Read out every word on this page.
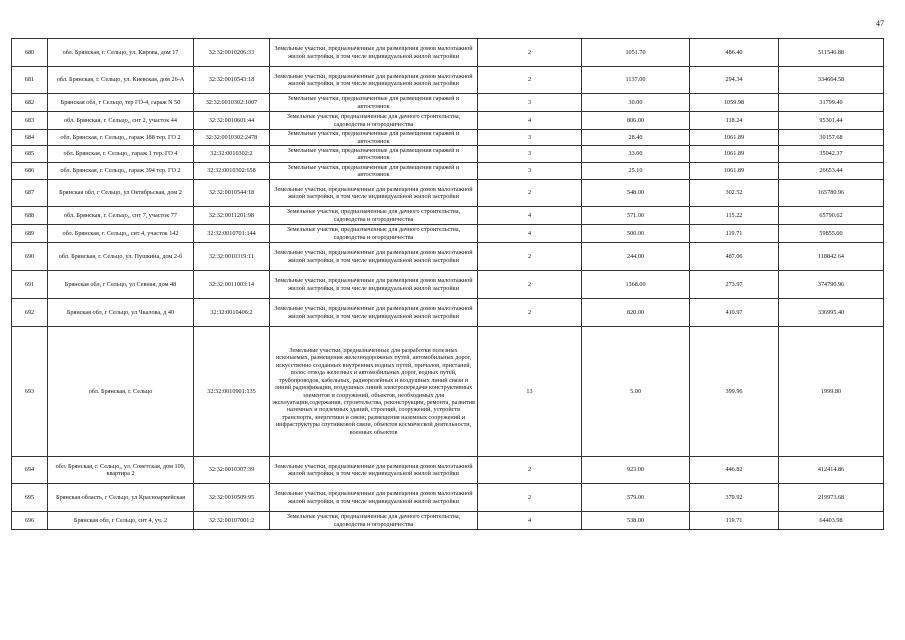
47
680	обл. Брянская, г. Сельцо, ул. Кирова, дом 17	32:32:0010206:33	Земельные участки, предназначенные для размещения домов малоэтажной жилой застройки, в том числе индивидуальной жилой застройки	2	1051.70	486.40	511546.88
681	обл. Брянская, г. Сельцо, ул. Киевская, дом 26-А	32:32:0010543:18	Земельные участки, предназначенные для размещения домов малоэтажной жилой застройки, в том числе индивидуальной жилой застройки	2	1137.00	294.34	334664.58
682	Брянская обл, г Сельцо, тер ГО-4, гараж N 50	32:32:0010302:1007	Земельные участки, предназначенные для размещения гаражей и автостоянок	3	30.00	1059.98	31799.40
683	обл. Брянская, г. Сельцо,, снт 2, участок 44	32:32:0010601:44	Земельные участки, предназначенные для дачного строительства, садоводства и огородничества	4	806.00	118.24	95301.44
684	обл. Брянская, г. Сельцо,, гараж 188 тер. ГО 2	32:32:0010302:2478	Земельные участки, предназначенные для размещения гаражей и автостоянок	3	28.40	1061.89	30157.68
685	обл. Брянская, г. Сельцо,, гараж 1 тер. ГО 4	32:32:0010302:2	Земельные участки, предназначенные для размещения гаражей и автостоянок	3	33.00	1061.89	35042.37
686	обл. Брянская, г. Сельцо,, гараж 394 тер. ГО 2	32:32:0010302:658	Земельные участки, предназначенные для размещения гаражей и автостоянок	3	25.10	1061.89	26653.44
687	Брянская обл, г Сельцо, ул Октябрьская, дом 2	32:32:0010544:18	Земельные участки, предназначенные для размещения домов малоэтажной жилой застройки, в том числе индивидуальной жилой застройки	2	548.00	302.52	165780.96
688	обл. Брянская, г. Сельцо,, снт 7, участок 77	32:32:0011201:98	Земельные участки, предназначенные для дачного строительства, садоводства и огородничества	4	571.00	115.22	65790.62
689	обл. Брянская, г. Сельцо,, снт 4, участок 142	32:32:0010701:144	Земельные участки, предназначенные для дачного строительства, садоводства и огородничества	4	500.00	119.71	59855.00
690	обл. Брянская, г. Сельцо, ул. Пушкина, дом 2-б	32:32:0010319:11	Земельные участки, предназначенные для размещения домов малоэтажной жилой застройки, в том числе индивидуальной жилой застройки	2	244.00	487.06	118842.64
691	Брянская обл, г Сельцо, ул Севная, дом 48	32:32:0011003:14	Земельные участки, предназначенные для размещения домов малоэтажной жилой застройки, в том числе индивидуальной жилой застройки	2	1368.00	273.97	374790.96
692	Брянская обл, г Сельцо, ул Чкалова, д 40	32:32:0010406:2	Земельные участки, предназначенные для размещения домов малоэтажной жилой застройки, в том числе индивидуальной жилой застройки	2	820.00	410.97	336995.40
693	обл. Брянская, г. Сельцо	32:32:0010901:135	Земельные участки, предназначенные для разработки полезных ископаемых, размещения железнодорожных путей, автомобильных дорог, искусственно созданных внутренних водных путей, причалов, пристаней, полос отвода железных и автомобильных дорог, водных путей, трубопроводов, кабельных, радиорелейных и воздушных линий связи и линий радиофикации, воздушных линий электропередачи конструктивных элементов и сооружений, объектов, необходимых для эксплуатации,содержания, строительства, реконструкции, ремонта, развития наземных и подземных зданий, строений, сооружений, устройств транспорта, энергетики и связи; размещения наземных сооружений и инфраструктуры спутниковой связи, объектов космической деятельности, военных объектов	13	5.00	399.96	1999.80
694	обл. Брянская, г. Сельцо,, ул. Советская, дом 109, квартира 2	32:32:0010307:39	Земельные участки, предназначенные для размещения домов малоэтажной жилой застройки, в том числе индивидуальной жилой застройки	2	923.00	446.82	412414.86
695	Брянская область, г Сельцо, ул Красноармейская	32:32:0010509:95	Земельные участки, предназначенные для размещения домов малоэтажной жилой застройки, в том числе индивидуальной жилой застройки	2	579.00	379.92	219973.68
696	Брянская обл, г Сельцо, снт 4, уч. 2	32:32:00107001:2	Земельные участки, предназначенные для дачного строительства, садоводства и огородничества	4	538.00	119.71	64403.98
